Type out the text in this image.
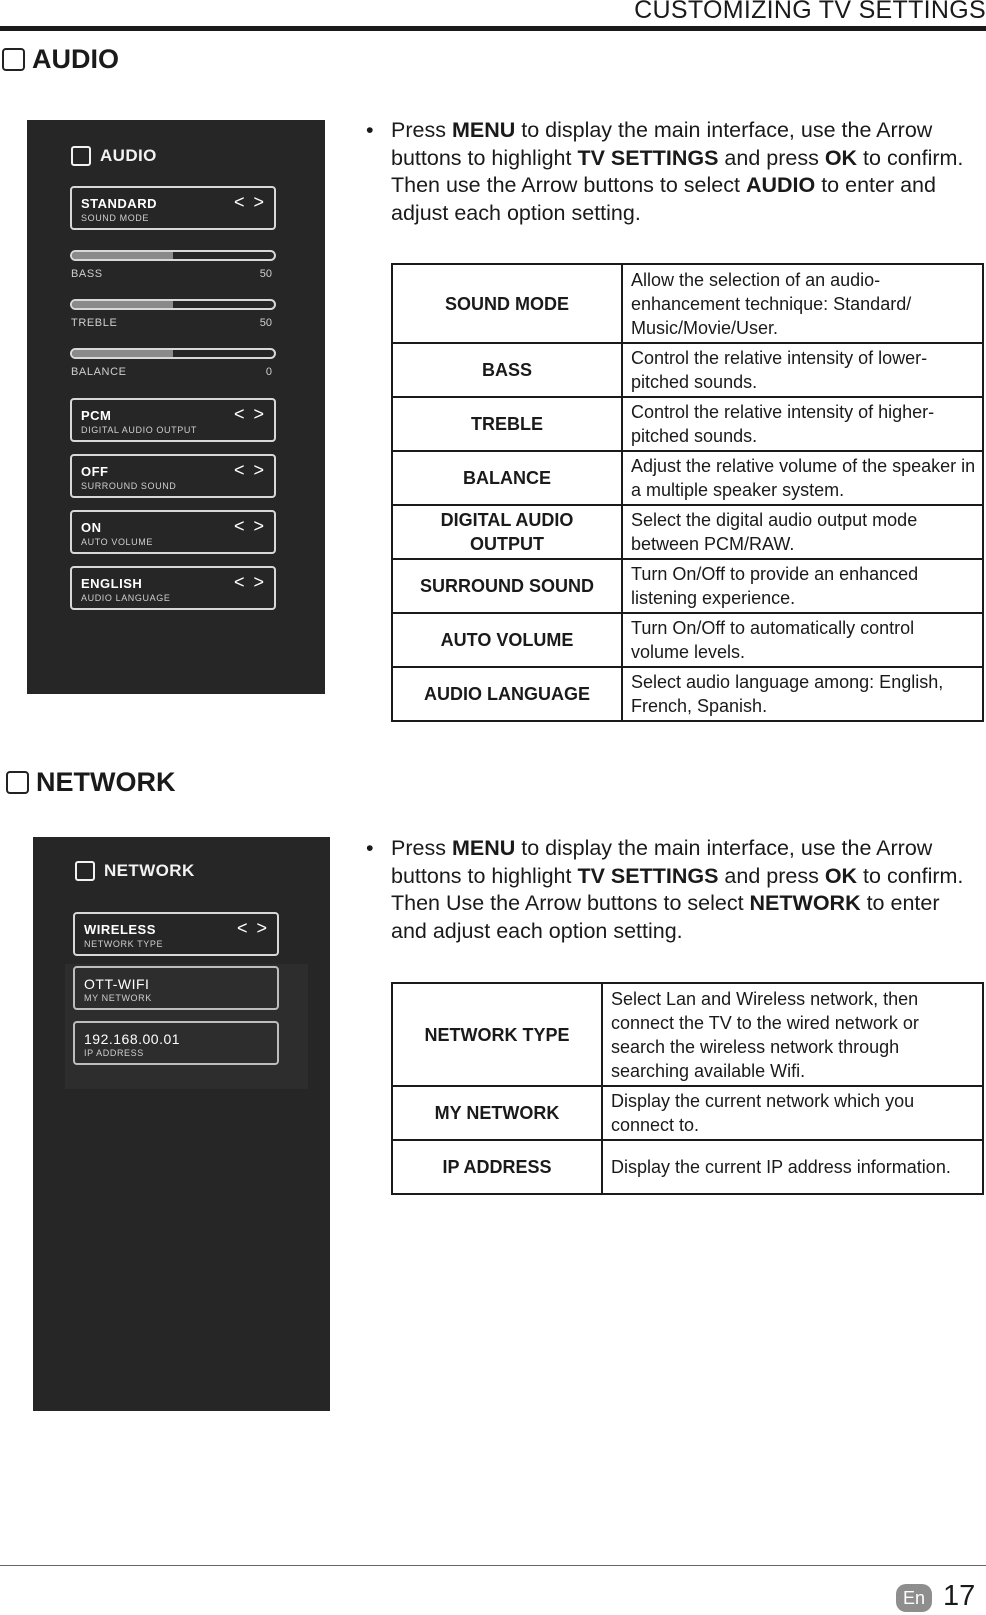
CUSTOMIZING TV SETTINGS
AUDIO
AUDIO
STANDARD
SOUND MODE
< >
BASS	50
TREBLE	50
BALANCE	0
PCM
DIGITAL AUDIO OUTPUT
< >
OFF
SURROUND SOUND
< >
ON
AUTO VOLUME
< >
ENGLISH
AUDIO LANGUAGE
< >
• Press MENU to display the main interface, use the Arrow buttons to highlight TV SETTINGS and press OK to confirm. Then use the Arrow buttons to select AUDIO to enter and adjust each option setting.
SOUND MODE	Allow the selection of an audio-enhancement technique: Standard/ Music/Movie/User.
BASS	Control the relative intensity of lower-pitched sounds.
TREBLE	Control the relative intensity of higher-pitched sounds.
BALANCE	Adjust the relative volume of the speaker in a multiple speaker system.
DIGITAL AUDIO OUTPUT	Select the digital audio output mode between PCM/RAW.
SURROUND SOUND	Turn On/Off to provide an enhanced listening experience.
AUTO VOLUME	Turn On/Off to automatically control volume levels.
AUDIO LANGUAGE	Select audio language among: English, French, Spanish.
NETWORK
NETWORK
WIRELESS
NETWORK TYPE
< >
OTT-WIFI
MY NETWORK
192.168.00.01
IP ADDRESS
• Press MENU to display the main interface, use the Arrow buttons to highlight TV SETTINGS and press OK to confirm. Then Use the Arrow buttons to select NETWORK to enter and adjust each option setting.
NETWORK TYPE	Select Lan and Wireless network, then connect the TV to the wired network or search the wireless network through searching available Wifi.
MY NETWORK	Display the current network which you connect to.
IP ADDRESS	Display the current IP address information.
En 17
